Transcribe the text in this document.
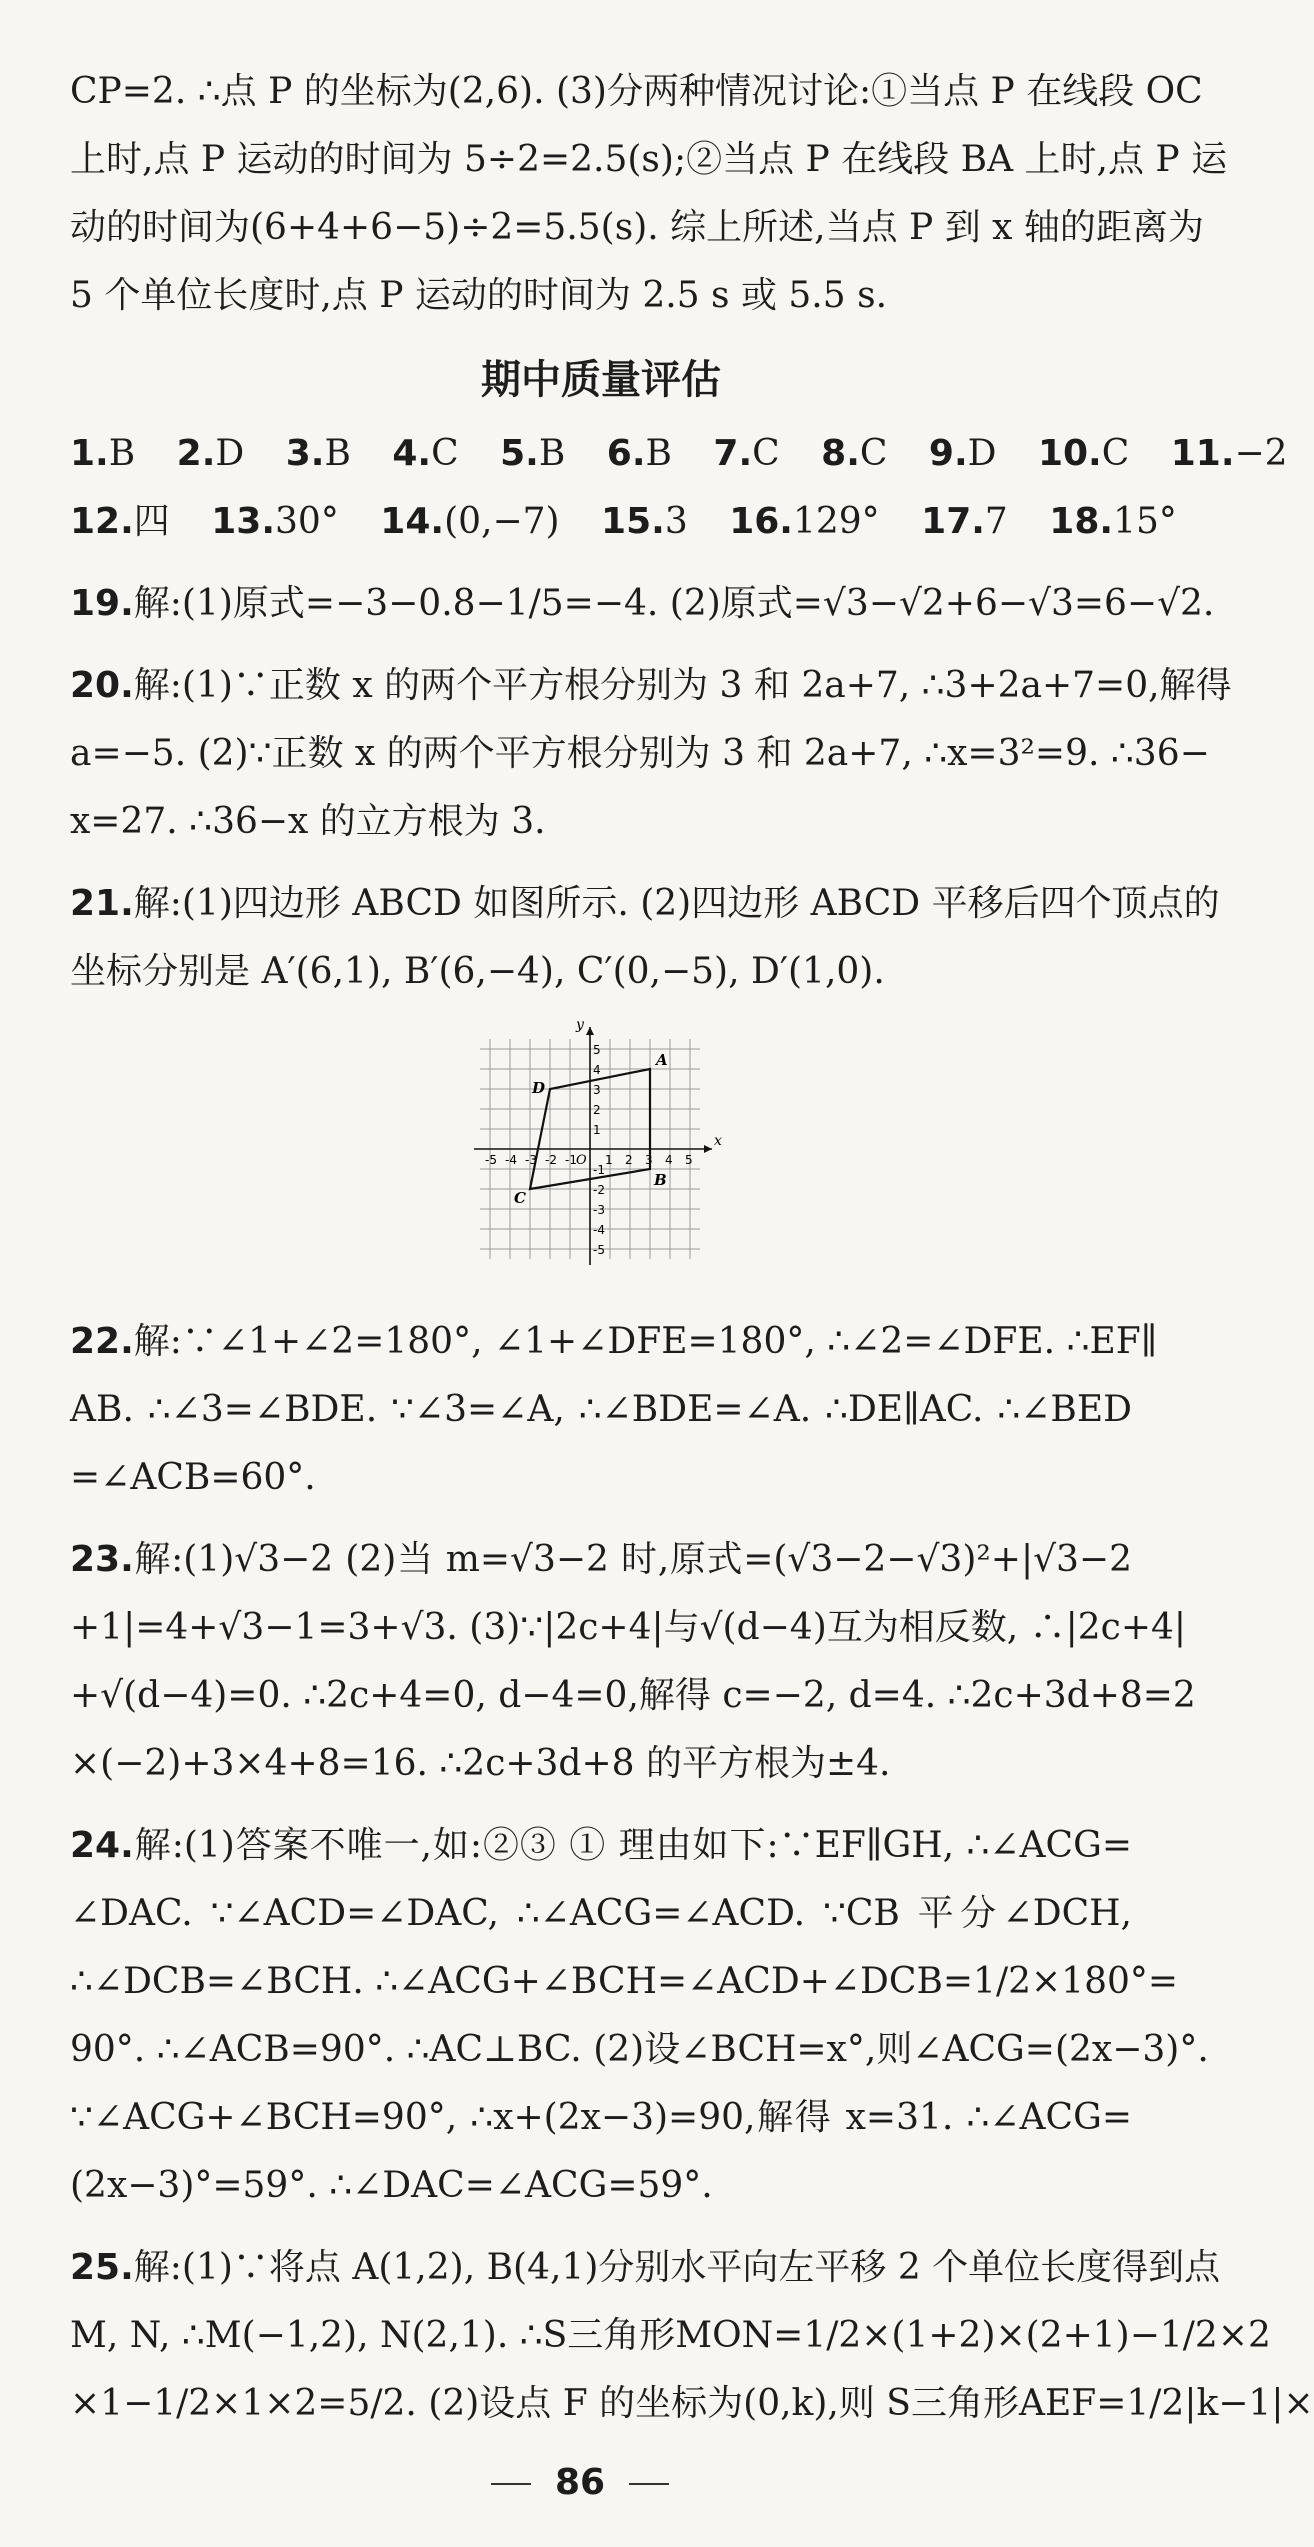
CP=2. ∴点 P 的坐标为(2,6). (3)分两种情况讨论:①当点 P 在线段 OC
上时,点 P 运动的时间为 5÷2=2.5(s);②当点 P 在线段 BA 上时,点 P 运
动的时间为(6+4+6−5)÷2=5.5(s). 综上所述,当点 P 到 x 轴的距离为
5 个单位长度时,点 P 运动的时间为 2.5 s 或 5.5 s.
期中质量评估
1.B 2.D 3.B 4.C 5.B 6.B 7.C 8.C 9.D 10.C 11.−2
12.四 13.30° 14.(0,−7) 15.3 16.129° 17.7 18.15°
19.解:(1)原式=−3−0.8−1/5=−4. (2)原式=√3−√2+6−√3=6−√2.
20.解:(1)∵正数 x 的两个平方根分别为 3 和 2a+7, ∴3+2a+7=0,解得
a=−5. (2)∵正数 x 的两个平方根分别为 3 和 2a+7, ∴x=3²=9. ∴36−
x=27. ∴36−x 的立方根为 3.
21.解:(1)四边形 ABCD 如图所示. (2)四边形 ABCD 平移后四个顶点的
坐标分别是 A′(6,1), B′(6,−4), C′(0,−5), D′(1,0).
x
y
O
-5 -4 -3 -2 -1 1 2 3 4 5
5
4
3
2
1
-1
-2
-3
-4
-5
A
B
C
D
22.解:∵∠1+∠2=180°, ∠1+∠DFE=180°, ∴∠2=∠DFE. ∴EF∥
AB. ∴∠3=∠BDE. ∵∠3=∠A, ∴∠BDE=∠A. ∴DE∥AC. ∴∠BED
=∠ACB=60°.
23.解:(1)√3−2 (2)当 m=√3−2 时,原式=(√3−2−√3)²+|√3−2
+1|=4+√3−1=3+√3. (3)∵|2c+4|与√(d−4)互为相反数, ∴|2c+4|
+√(d−4)=0. ∴2c+4=0, d−4=0,解得 c=−2, d=4. ∴2c+3d+8=2
×(−2)+3×4+8=16. ∴2c+3d+8 的平方根为±4.
24.解:(1)答案不唯一,如:②③ ① 理由如下:∵EF∥GH, ∴∠ACG=
∠DAC. ∵∠ACD=∠DAC, ∴∠ACG=∠ACD. ∵CB 平分∠DCH,
∴∠DCB=∠BCH. ∴∠ACG+∠BCH=∠ACD+∠DCB=1/2×180°=
90°. ∴∠ACB=90°. ∴AC⊥BC. (2)设∠BCH=x°,则∠ACG=(2x−3)°.
∵∠ACG+∠BCH=90°, ∴x+(2x−3)=90,解得 x=31. ∴∠ACG=
(2x−3)°=59°. ∴∠DAC=∠ACG=59°.
25.解:(1)∵将点 A(1,2), B(4,1)分别水平向左平移 2 个单位长度得到点
M, N, ∴M(−1,2), N(2,1). ∴S三角形MON=1/2×(1+2)×(2+1)−1/2×2
×1−1/2×1×2=5/2. (2)设点 F 的坐标为(0,k),则 S三角形AEF=1/2|k−1|×
86
